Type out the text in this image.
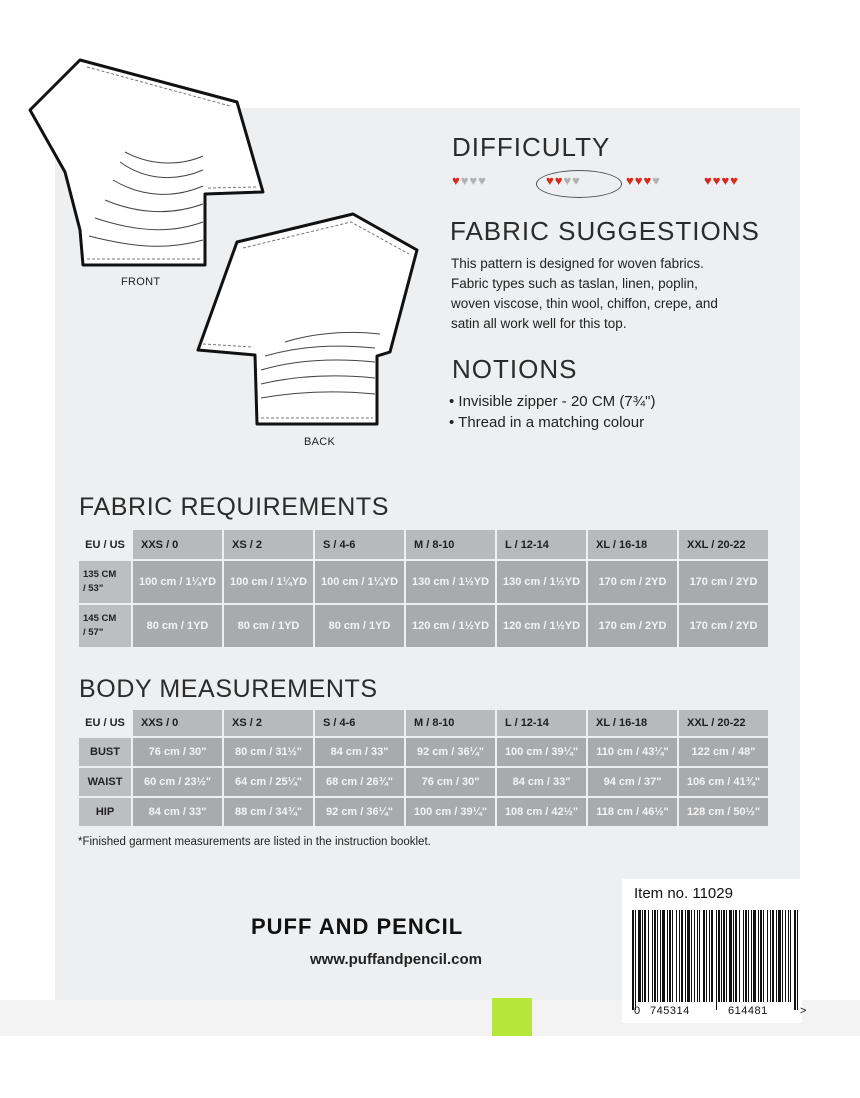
FRONT
BACK
DIFFICULTY
♥ ♥ ♥ ♥	♥ ♥ ♥ ♥	♥ ♥ ♥ ♥	♥ ♥ ♥ ♥
FABRIC SUGGESTIONS
This pattern is designed for woven fabrics.
Fabric types such as taslan, linen, poplin,
woven viscose, thin wool, chiffon, crepe, and
satin all work well for this top.
NOTIONS
• Invisible zipper - 20 CM (7¾")
• Thread in a matching colour
FABRIC REQUIREMENTS
EU / US	XXS / 0	XS / 2	S / 4-6	M / 8-10	L / 12-14	XL / 16-18	XXL / 20-22

135 CM
/ 53"	100 cm / 1¼YD	100 cm / 1¼YD	100 cm / 1¼YD	130 cm / 1½YD	130 cm / 1½YD	170 cm / 2YD	170 cm / 2YD

145 CM
/ 57"	80 cm / 1YD	80 cm / 1YD	80 cm / 1YD	120 cm / 1½YD	120 cm / 1½YD	170 cm / 2YD	170 cm / 2YD
BODY MEASUREMENTS
EU / US	XXS / 0	XS / 2	S / 4-6	M / 8-10	L / 12-14	XL / 16-18	XXL / 20-22
BUST	76 cm / 30"	80 cm / 31½"	84 cm / 33"	92 cm / 36¼"	100 cm / 39¼"	110 cm / 43¼"	122 cm / 48"
WAIST	60 cm / 23½"	64 cm / 25¼"	68 cm / 26¾"	76 cm / 30"	84 cm / 33"	94 cm / 37"	106 cm / 41¾"
HIP	84 cm / 33"	88 cm / 34¾"	92 cm / 36¼"	100 cm / 39¼"	108 cm / 42½"	118 cm / 46½"	128 cm / 50½"
*Finished garment measurements are listed in the instruction booklet.
PUFF AND PENCIL
www.puffandpencil.com
Item no. 11029
0 745314	614481	>
